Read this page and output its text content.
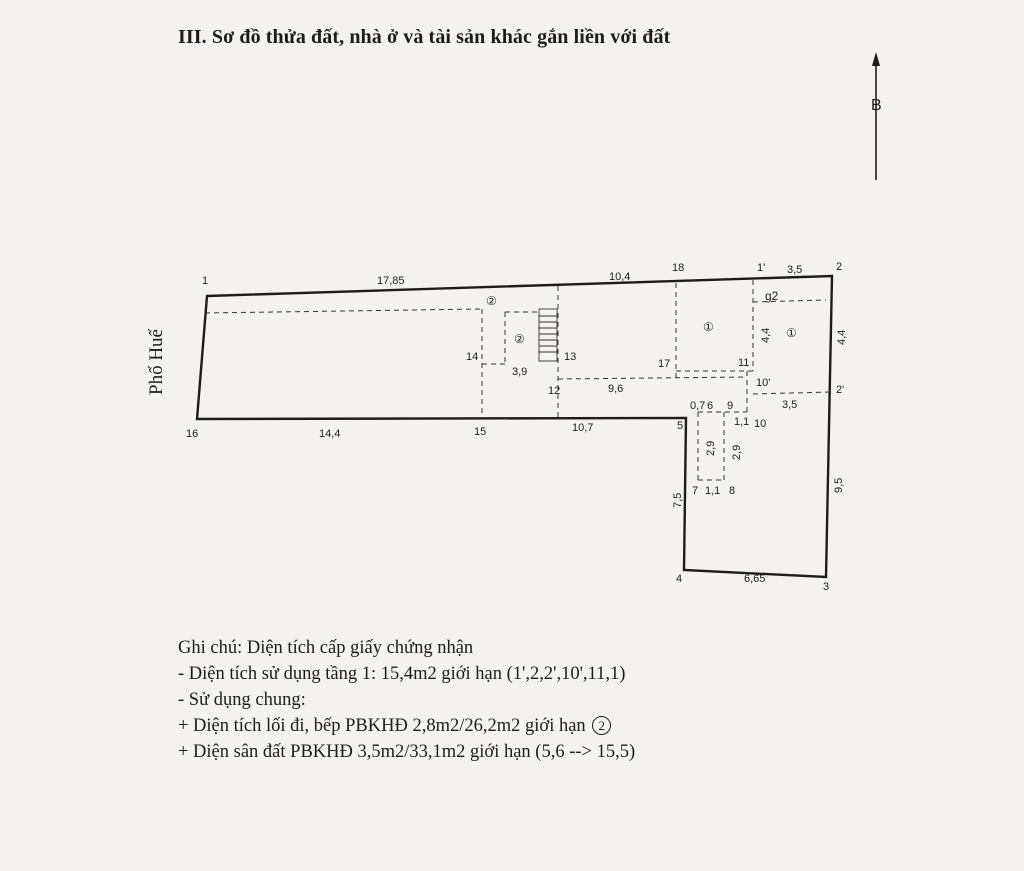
III. Sơ đồ thửa đất, nhà ở và tài sản khác gắn liền với đất
B
Phố Huế
1
2
3
4
5
6
7	8
9
10
11
12
13
14
15
16
17
18	1'
2'
10'
17,85	10,4
3,5
4,4
4,4
3,5
9,5
6,65
7,5
14,4	10,7
3,9
9,6
0,7
1,1
1,1
2,9 2,9
②
②
①	①
g2
Ghi chú: Diện tích cấp giấy chứng nhận
- Diện tích sử dụng tầng 1: 15,4m2 giới hạn (1',2,2',10',11,1)
- Sử dụng chung:
+ Diện tích lối đi, bếp PBKHĐ 2,8m2/26,2m2 giới hạn 2
+ Diện sân đất PBKHĐ 3,5m2/33,1m2 giới hạn (5,6 --> 15,5)
